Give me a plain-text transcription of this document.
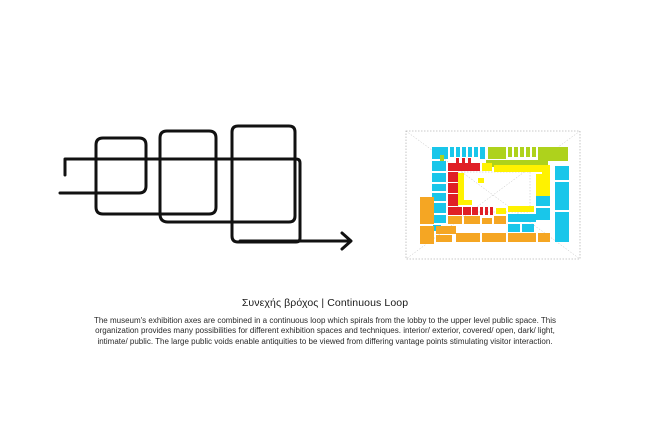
Συνεχής βρόχος | Continuous Loop

The museum's exhibition axes are combined in a continuous loop which spirals from the lobby to the upper level public space. This organization provides many possibilities for different exhibition spaces and techniques. interior/ exterior, covered/ open, dark/ light, intimate/ public. The large public voids enable antiquities to be viewed from differing vantage points stimulating visitor interaction.
